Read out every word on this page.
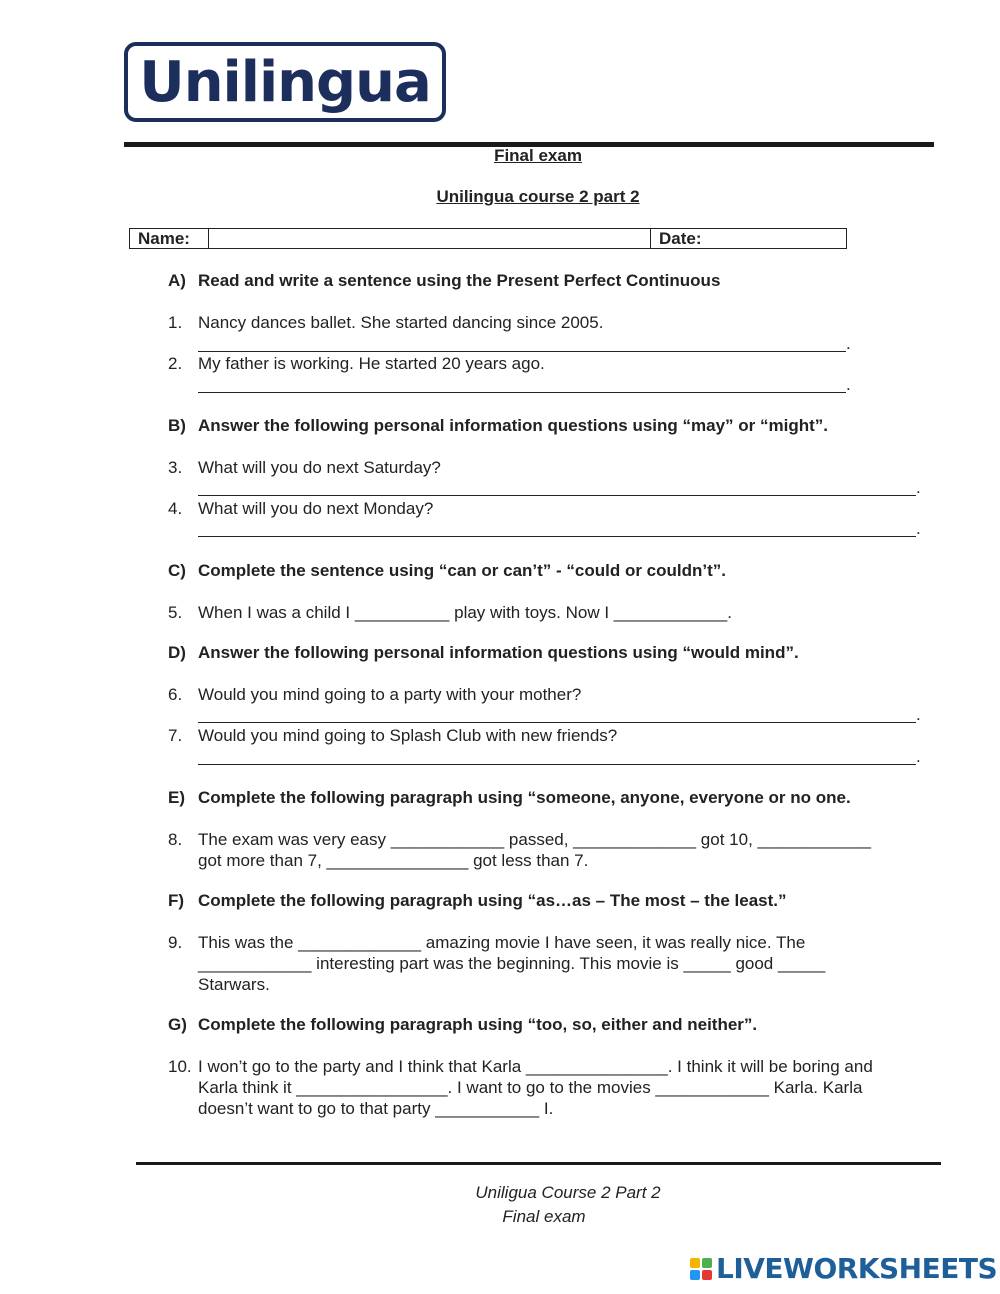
Unilingua
Final exam
Unilingua course 2 part 2
Name:		Date:
A) Read and write a sentence using the Present Perfect Continuous
1. Nancy dances ballet. She started dancing since 2005.
.
2. My father is working. He started 20 years ago.
.
B) Answer the following personal information questions using “may” or “might”.
3. What will you do next Saturday?
.
4. What will you do next Monday?
.
C) Complete the sentence using “can or can’t” - “could or couldn’t”.
5. When I was a child I __________ play with toys. Now I ____________.
D) Answer the following personal information questions using “would mind”.
6. Would you mind going to a party with your mother?
.
7. Would you mind going to Splash Club with new friends?
.
E) Complete the following paragraph using “someone, anyone, everyone or no one.
8. The exam was very easy ____________ passed, _____________ got 10, ____________
got more than 7, _______________ got less than 7.
F) Complete the following paragraph using “as…as – The most – the least.”
9. This was the _____________ amazing movie I have seen, it was really nice. The
____________ interesting part was the beginning. This movie is _____ good _____
Starwars.
G) Complete the following paragraph using “too, so, either and neither”.
10. I won’t go to the party and I think that Karla _______________. I think it will be boring and
Karla think it ________________. I want to go to the movies ____________ Karla. Karla
doesn’t want to go to that party ___________ I.
Uniligua Course 2 Part 2
Final exam
LIVEWORKSHEETS
